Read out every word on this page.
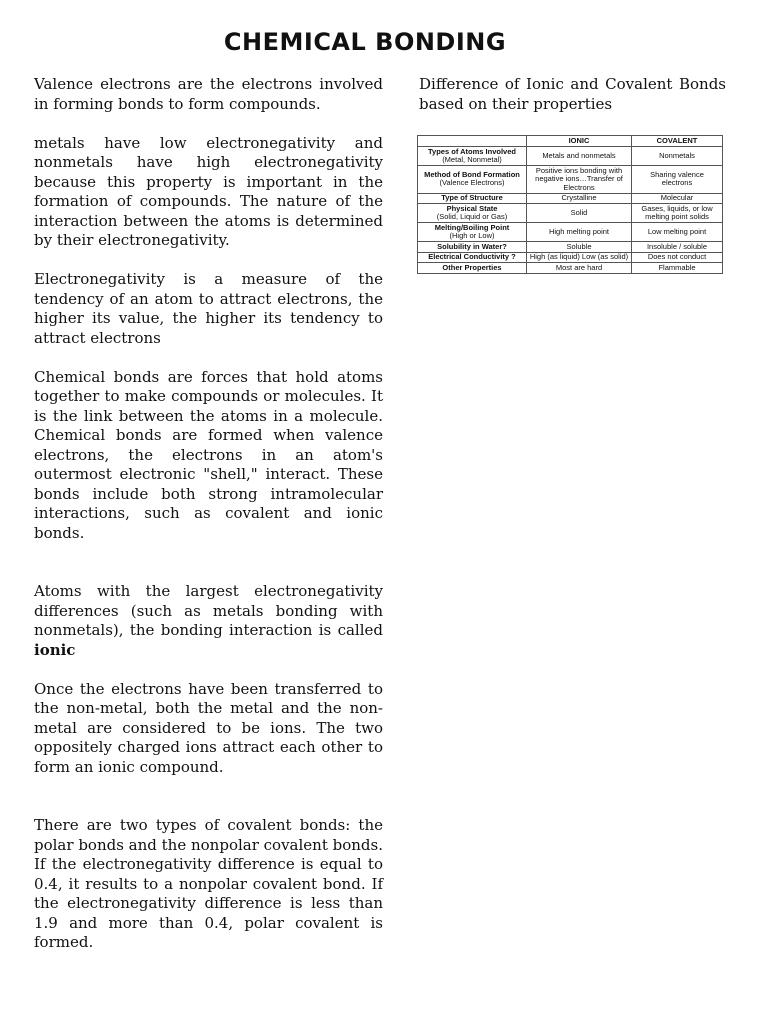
CHEMICAL BONDING

Valence electrons are the electrons involved in forming bonds to form compounds.

metals have low electronegativity and nonmetals have high electronegativity because this property is important in the formation of compounds. The nature of the interaction between the atoms is determined by their electronegativity.

Electronegativity is a measure of the tendency of an atom to attract electrons, the higher its value, the higher its tendency to attract electrons

Chemical bonds are forces that hold atoms together to make compounds or molecules. It is the link between the atoms in a molecule. Chemical bonds are formed when valence electrons, the electrons in an atom's outermost electronic "shell," interact. These bonds include both strong intramolecular interactions, such as covalent and ionic bonds.

Atoms with the largest electronegativity differences (such as metals bonding with nonmetals), the bonding interaction is called ionic

Once the electrons have been transferred to the non-metal, both the metal and the non-metal are considered to be ions. The two oppositely charged ions attract each other to form an ionic compound.

There are two types of covalent bonds: the polar bonds and the nonpolar covalent bonds. If the electronegativity difference is equal to 0.4, it results to a nonpolar covalent bond. If the electronegativity difference is less than 1.9 and more than 0.4, polar covalent is formed.

Difference of Ionic and Covalent Bonds based on their properties

	IONIC	COVALENT
Types of Atoms Involved
(Metal, Nonmetal)	Metals and nonmetals	Nonmetals
Method of Bond Formation
(Valence Electrons)	Positive ions bonding with negative ions…Transfer of Electrons	Sharing valence electrons
Type of Structure	Crystalline	Molecular
Physical State
(Solid, Liquid or Gas)	Solid	Gases, liquids, or low melting point solids
Melting/Boiling Point
(High or Low)	High melting point	Low melting point
Solubility in Water?	Soluble	Insoluble / soluble
Electrical Conductivity ?	High (as liquid) Low (as solid)	Does not conduct
Other Properties	Most are hard	Flammable
